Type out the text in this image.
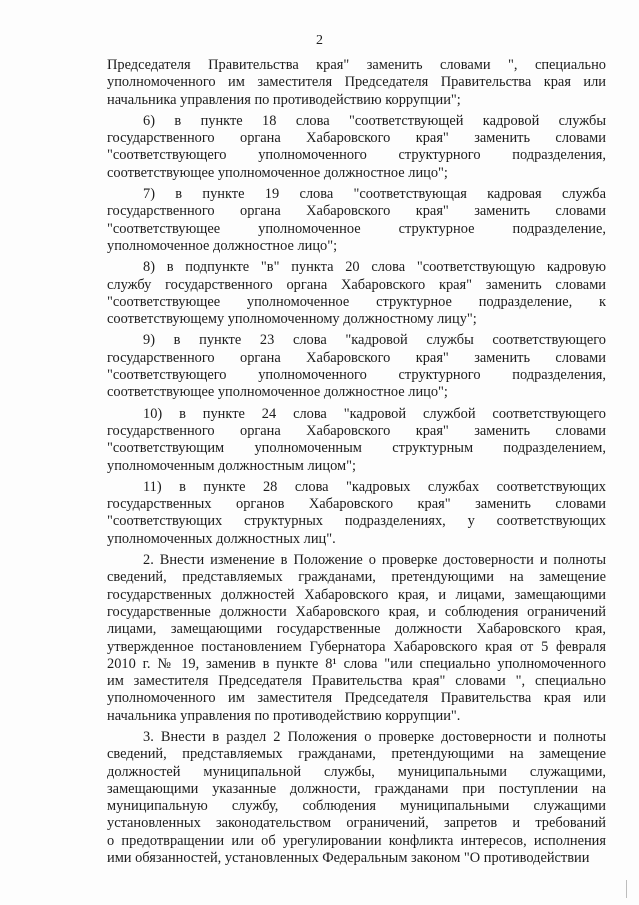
2
Председателя Правительства края" заменить словами ", специально
уполномоченного им заместителя Председателя Правительства края или
начальника управления по противодействию коррупции";
6) в пункте 18 слова "соответствующей кадровой службы
государственного органа Хабаровского края" заменить словами
"соответствующего уполномоченного структурного подразделения,
соответствующее уполномоченное должностное лицо";
7) в пункте 19 слова "соответствующая кадровая служба
государственного органа Хабаровского края" заменить словами
"соответствующее уполномоченное структурное подразделение,
уполномоченное должностное лицо";
8) в подпункте "в" пункта 20 слова "соответствующую кадровую
службу государственного органа Хабаровского края" заменить словами
"соответствующее уполномоченное структурное подразделение, к
соответствующему уполномоченному должностному лицу";
9) в пункте 23 слова "кадровой службы соответствующего
государственного органа Хабаровского края" заменить словами
"соответствующего уполномоченного структурного подразделения,
соответствующее уполномоченное должностное лицо";
10) в пункте 24 слова "кадровой службой соответствующего
государственного органа Хабаровского края" заменить словами
"соответствующим уполномоченным структурным подразделением,
уполномоченным должностным лицом";
11) в пункте 28 слова "кадровых службах соответствующих
государственных органов Хабаровского края" заменить словами
"соответствующих структурных подразделениях, у соответствующих
уполномоченных должностных лиц".
2. Внести изменение в Положение о проверке достоверности и полноты
сведений, представляемых гражданами, претендующими на замещение
государственных должностей Хабаровского края, и лицами, замещающими
государственные должности Хабаровского края, и соблюдения ограничений
лицами, замещающими государственные должности Хабаровского края,
утвержденное постановлением Губернатора Хабаровского края от 5 февраля
2010 г. № 19, заменив в пункте 8¹ слова "или специально уполномоченного
им заместителя Председателя Правительства края" словами ", специально
уполномоченного им заместителя Председателя Правительства края или
начальника управления по противодействию коррупции".
3. Внести в раздел 2 Положения о проверке достоверности и полноты
сведений, представляемых гражданами, претендующими на замещение
должностей муниципальной службы, муниципальными служащими,
замещающими указанные должности, гражданами при поступлении на
муниципальную службу, соблюдения муниципальными служащими
установленных законодательством ограничений, запретов и требований
о предотвращении или об урегулировании конфликта интересов, исполнения
ими обязанностей, установленных Федеральным законом "О противодействии
